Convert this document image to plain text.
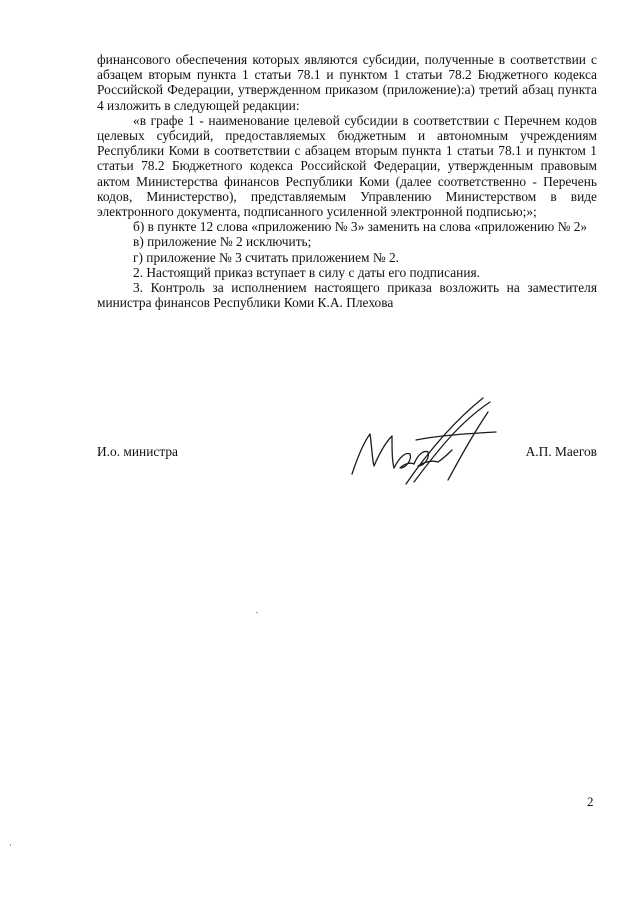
финансового обеспечения которых являются субсидии, полученные в соответствии с абзацем вторым пункта 1 статьи 78.1 и пунктом 1 статьи 78.2 Бюджетного кодекса Российской Федерации, утвержденном приказом (приложение):а) третий абзац пункта 4 изложить в следующей редакции:

«в графе 1 - наименование целевой субсидии в соответствии с Перечнем кодов целевых субсидий, предоставляемых бюджетным и автономным учреждениям Республики Коми в соответствии с абзацем вторым пункта 1 статьи 78.1 и пунктом 1 статьи 78.2 Бюджетного кодекса Российской Федерации, утвержденным правовым актом Министерства финансов Республики Коми (далее соответственно - Перечень кодов, Министерство), представляемым Управлению Министерством в виде электронного документа, подписанного усиленной электронной подписью;»;

б) в пункте 12 слова «приложению № 3» заменить на слова «приложению № 2»

в) приложение № 2 исключить;

г) приложение № 3 считать приложением № 2.

2. Настоящий приказ вступает в силу с даты его подписания.

3. Контроль за исполнением настоящего приказа возложить на заместителя министра финансов Республики Коми К.А. Плехова

И.о. министра	А.П. Маегов
2
